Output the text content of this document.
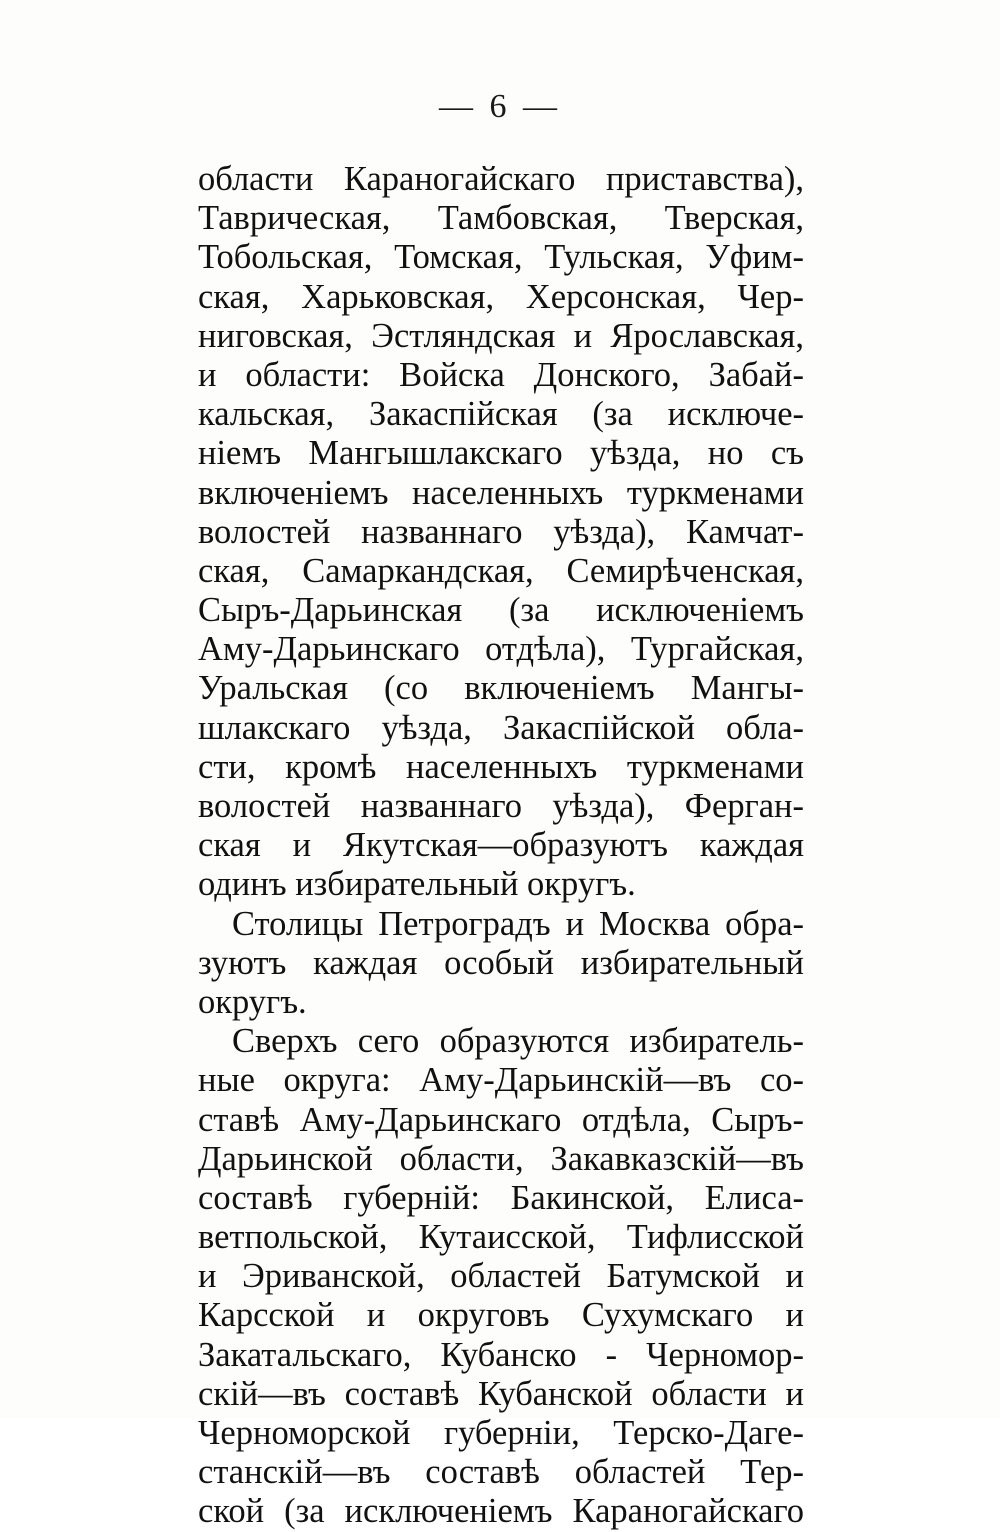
— 6 —
области Караногайскаго приставства),
Таврическая, Тамбовская, Тверская,
Тобольская, Томская, Тульская, Уфим-
ская, Харьковская, Херсонская, Чер-
ниговская, Эстляндская и Ярославская,
и области: Войска Донского, Забай-
кальская, Закаспійская (за исключе-
ніемъ Мангышлакскаго уѣзда, но съ
включеніемъ населенныхъ туркменами
волостей названнаго уѣзда), Камчат-
ская, Самаркандская, Семирѣченская,
Сыръ-Дарьинская (за исключеніемъ
Аму-Дарьинскаго отдѣла), Тургайская,
Уральская (со включеніемъ Мангы-
шлакскаго уѣзда, Закаспійской обла-
сти, кромѣ населенныхъ туркменами
волостей названнаго уѣзда), Ферган-
ская и Якутская—образуютъ каждая
одинъ избирательный округъ.
Столицы Петроградъ и Москва обра-
зуютъ каждая особый избирательный
округъ.
Сверхъ сего образуются избиратель-
ные округа: Аму-Дарьинскій—въ со-
ставѣ Аму-Дарьинскаго отдѣла, Сыръ-
Дарьинской области, Закавказскій—въ
составѣ губерній: Бакинской, Елиса-
ветпольской, Кутаисской, Тифлисской
и Эриванской, областей Батумской и
Карсской и округовъ Сухумскаго и
Закатальскаго, Кубанско - Черномор-
скій—въ составѣ Кубанской области и
Черноморской губерніи, Терско-Даге-
станскій—въ составѣ областей Тер-
ской (за исключеніемъ Караногайскаго
